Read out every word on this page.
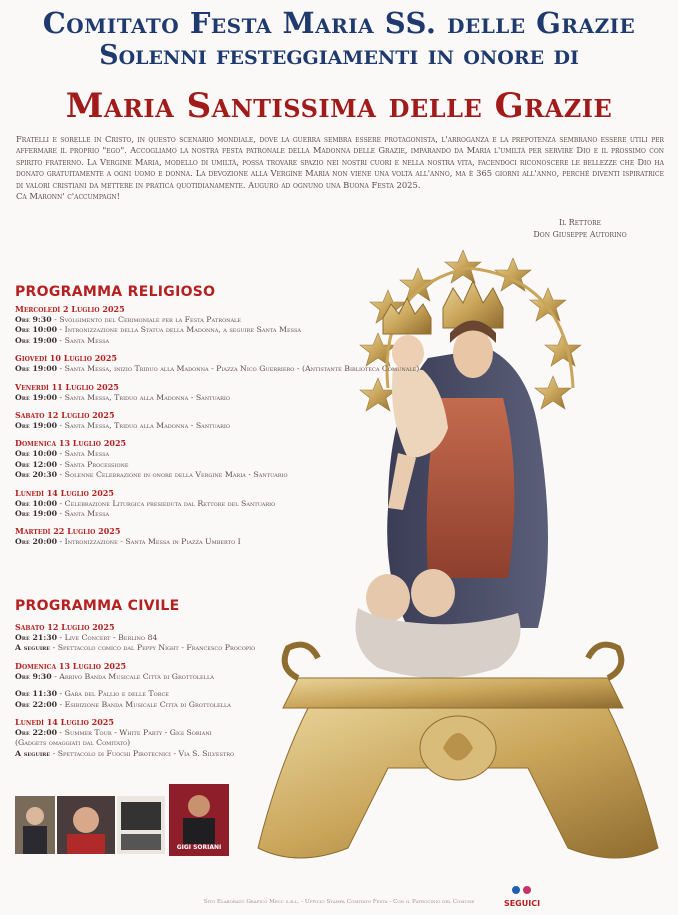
Comitato Festa Maria SS. delle Grazie
Solenni festeggiamenti in onore di
Maria Santissima delle Grazie
Fratelli e sorelle in Cristo, in questo scenario mondiale, dove la guerra sembra essere protagonista, l'arroganza e la prepotenza sembrano essere utili per affermare il proprio "ego". Accogliamo la nostra festa patronale della Madonna delle Grazie, imparando da Maria l'umiltà per servire Dio e il prossimo con spirito fraterno. La Vergine Maria, modello di umiltà, possa trovare spazio nei nostri cuori e nella nostra vita, facendoci riconoscere le bellezze che Dio ha donato gratuitamente a ogni uomo e donna. La devozione alla Vergine Maria non viene una volta all'anno, ma è 365 giorni all'anno, perché diventi ispiratrice di valori cristiani da mettere in pratica quotidianamente. Auguro ad ognuno una Buona Festa 2025.
Ca Maronn' c'accumpagn!
Il Rettore
Don Giuseppe Autorino
PROGRAMMA RELIGIOSO
Mercoledì 2 Luglio 2025
Ore 9:30 - Svolgimento del Cerimoniale per la Festa Patronale
Ore 10:00 - Intronizzazione della Statua della Madonna, a seguire Santa Messa
Ore 19:00 - Santa Messa
Giovedì 10 Luglio 2025
Ore 19:00 - Santa Messa, inizio Triduo alla Madonna - Piazza Nico Guerriero - (Antistante Biblioteca Comunale)
Venerdì 11 Luglio 2025
Ore 19:00 - Santa Messa, Triduo alla Madonna - Santuario
Sabato 12 Luglio 2025
Ore 19:00 - Santa Messa, Triduo alla Madonna - Santuario
Domenica 13 Luglio 2025
Ore 10:00 - Santa Messa
Ore 12:00 - Santa Processione
Ore 20:30 - Solenne Celebrazione in onore della Vergine Maria - Santuario
Lunedì 14 Luglio 2025
Ore 10:00 - Celebrazione Liturgica presieduta dal Rettore del Santuario
Ore 19:00 - Santa Messa
Martedì 22 Luglio 2025
Ore 20:00 - Intronizzazione - Santa Messa in Piazza Umberto I
PROGRAMMA CIVILE
Sabato 12 Luglio 2025
Ore 21:30 - Live Concert - Berlino 84
A seguire - Spettacolo comico dal Peppy Night - Francesco Procopio
Domenica 13 Luglio 2025
Ore 9:30 - Arrivo Banda Musicale Città di Grottolella
Ore 11:30 - Gara del Pallio e delle Torce
Ore 22:00 - Esibizione Banda Musicale Città di Grottolella
Lunedì 14 Luglio 2025
Ore 22:00 - Summer Tour - White Party - Gigi Soriani
(Gadgets omaggiati dal Comitato)
A seguire - Spettacolo di Fuochi Pirotecnici - Via S. Silvestro
GIGI SORIANI
SEGUICI
Sito Elaborato Grafico Mecc s.r.l. - Ufficio Stampa Comitato Festa - Con il Patrocinio del Comune
